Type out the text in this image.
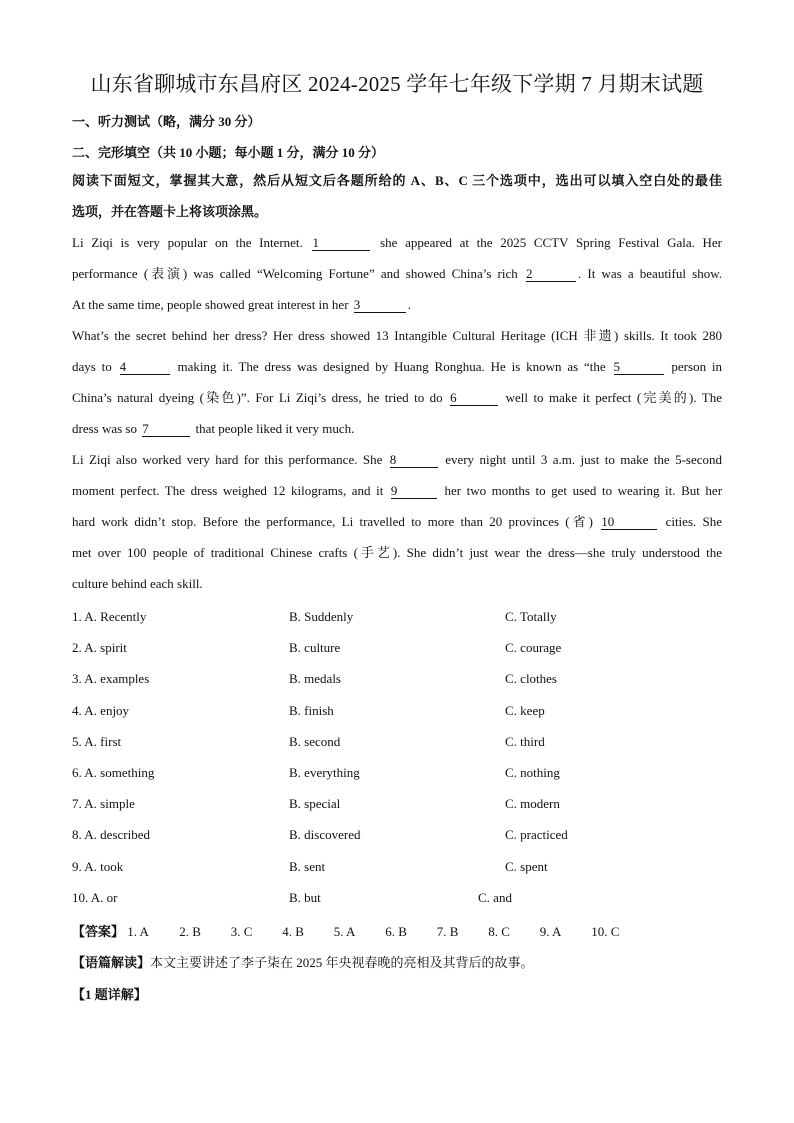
山东省聊城市东昌府区 2024-2025 学年七年级下学期 7 月期末试题
一、听力测试（略，满分 30 分）
二、完形填空（共 10 小题；每小题 1 分，满分 10 分）
阅读下面短文，掌握其大意，然后从短文后各题所给的 A、B、C 三个选项中，选出可以填入空白处的最佳
选项，并在答题卡上将该项涂黑。
Li Ziqi is very popular on the Internet. 1	she appeared at the 2025 CCTV Spring Festival Gala. Her
performance (表演) was called “Welcoming Fortune” and showed China’s rich 2	. It was a beautiful show.
At the same time, people showed great interest in her 3	.
What’s the secret behind her dress? Her dress showed 13 Intangible Cultural Heritage (ICH 非遗) skills. It took 280
days to 4	making it. The dress was designed by Huang Ronghua. He is known as “the 5	person in
China’s natural dyeing (染色)”. For Li Ziqi’s dress, he tried to do 6	well to make it perfect (完美的). The
dress was so 7	that people liked it very much.
Li Ziqi also worked very hard for this performance. She 8	every night until 3 a.m. just to make the 5-second
moment perfect. The dress weighed 12 kilograms, and it 9	her two months to get used to wearing it. But her
hard work didn’t stop. Before the performance, Li travelled to more than 20 provinces (省) 10	cities. She
met over 100 people of traditional Chinese crafts (手艺). She didn’t just wear the dress—she truly understood the
culture behind each skill.
1. A. Recently	B. Suddenly	C. Totally
2. A. spirit	B. culture	C. courage
3. A. examples	B. medals	C. clothes
4. A. enjoy	B. finish	C. keep
5. A. first	B. second	C. third
6. A. something	B. everything	C. nothing
7. A. simple	B. special	C. modern
8. A. described	B. discovered	C. practiced
9. A. took	B. sent	C. spent
10. A. or	B. but	C. and
【答案】 1. A 2. B 3. C 4. B 5. A 6. B 7. B 8. C 9. A 10. C
【语篇解读】本文主要讲述了李子柒在 2025 年央视春晚的亮相及其背后的故事。
【1 题详解】
